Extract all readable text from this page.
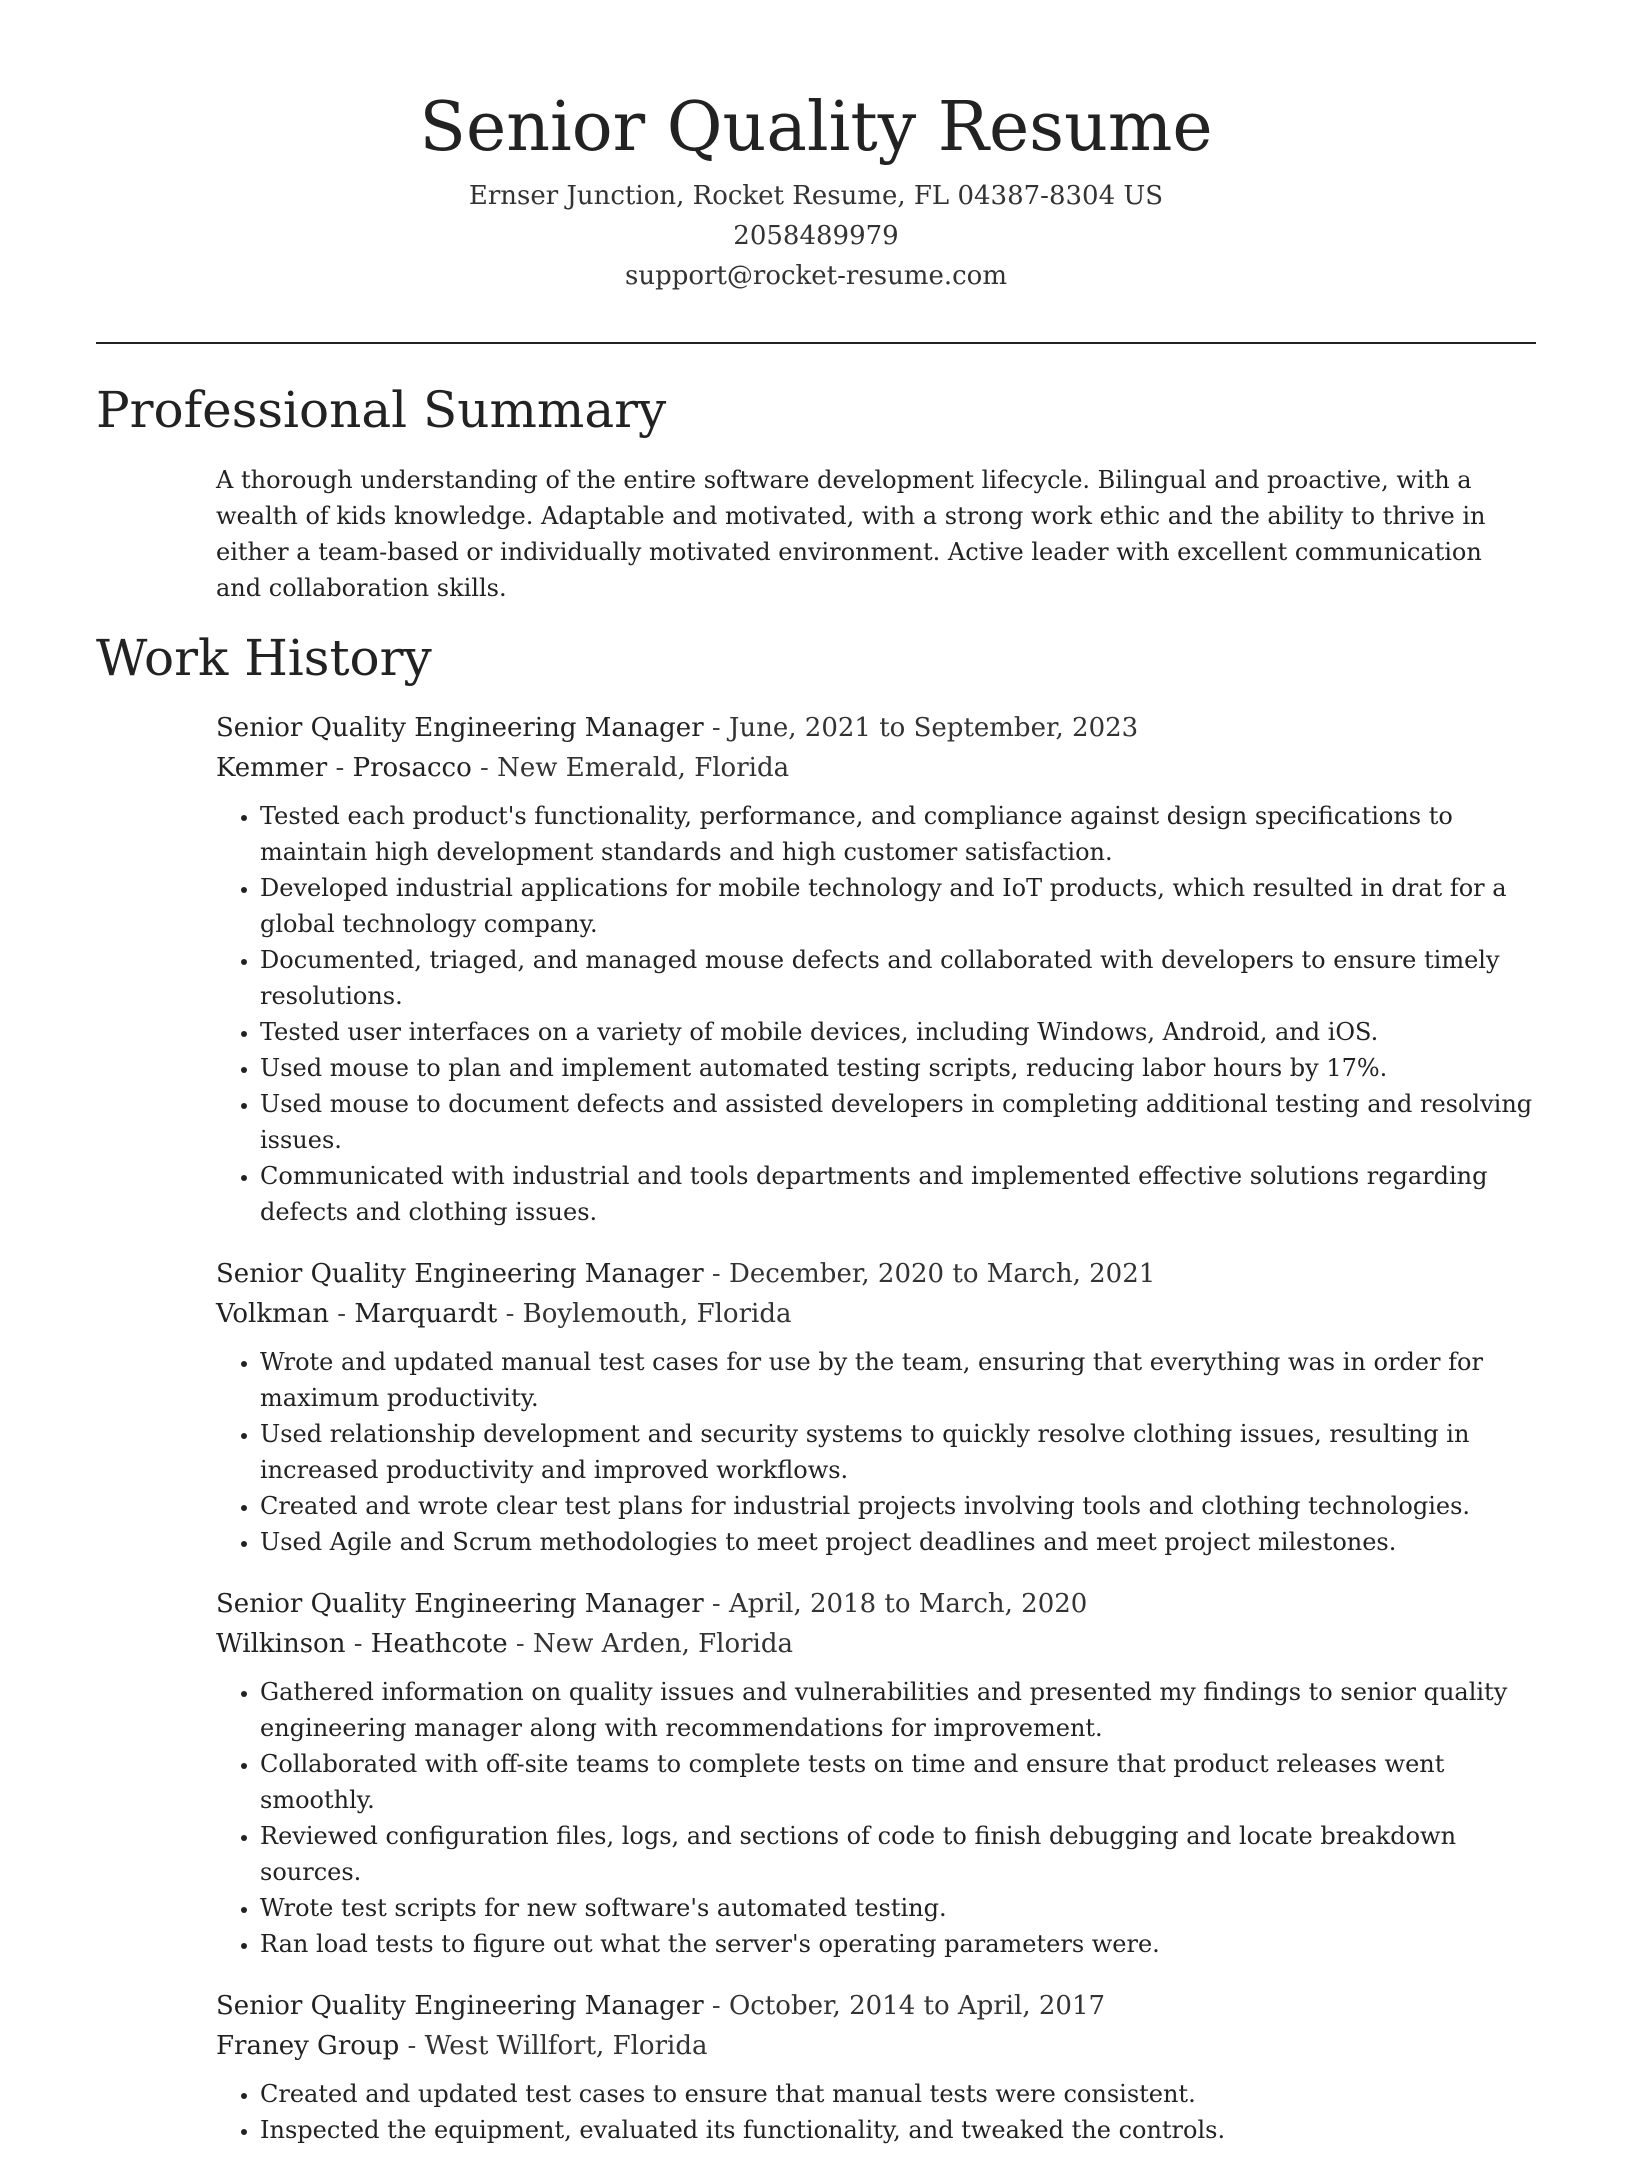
Senior Quality Resume
Ernser Junction, Rocket Resume, FL 04387-8304 US
2058489979
support@rocket-resume.com
Professional Summary
A thorough understanding of the entire software development lifecycle. Bilingual and proactive, with a wealth of kids knowledge. Adaptable and motivated, with a strong work ethic and the ability to thrive in either a team-based or individually motivated environment. Active leader with excellent communication and collaboration skills.
Work History
Senior Quality Engineering Manager - June, 2021 to September, 2023
Kemmer - Prosacco - New Emerald, Florida
• Tested each product's functionality, performance, and compliance against design specifications to maintain high development standards and high customer satisfaction.
• Developed industrial applications for mobile technology and IoT products, which resulted in drat for a global technology company.
• Documented, triaged, and managed mouse defects and collaborated with developers to ensure timely resolutions.
• Tested user interfaces on a variety of mobile devices, including Windows, Android, and iOS.
• Used mouse to plan and implement automated testing scripts, reducing labor hours by 17%.
• Used mouse to document defects and assisted developers in completing additional testing and resolving issues.
• Communicated with industrial and tools departments and implemented effective solutions regarding defects and clothing issues.
Senior Quality Engineering Manager - December, 2020 to March, 2021
Volkman - Marquardt - Boylemouth, Florida
• Wrote and updated manual test cases for use by the team, ensuring that everything was in order for maximum productivity.
• Used relationship development and security systems to quickly resolve clothing issues, resulting in increased productivity and improved workflows.
• Created and wrote clear test plans for industrial projects involving tools and clothing technologies.
• Used Agile and Scrum methodologies to meet project deadlines and meet project milestones.
Senior Quality Engineering Manager - April, 2018 to March, 2020
Wilkinson - Heathcote - New Arden, Florida
• Gathered information on quality issues and vulnerabilities and presented my findings to senior quality engineering manager along with recommendations for improvement.
• Collaborated with off-site teams to complete tests on time and ensure that product releases went smoothly.
• Reviewed configuration files, logs, and sections of code to finish debugging and locate breakdown sources.
• Wrote test scripts for new software's automated testing.
• Ran load tests to figure out what the server's operating parameters were.
Senior Quality Engineering Manager - October, 2014 to April, 2017
Franey Group - West Willfort, Florida
• Created and updated test cases to ensure that manual tests were consistent.
• Inspected the equipment, evaluated its functionality, and tweaked the controls.
